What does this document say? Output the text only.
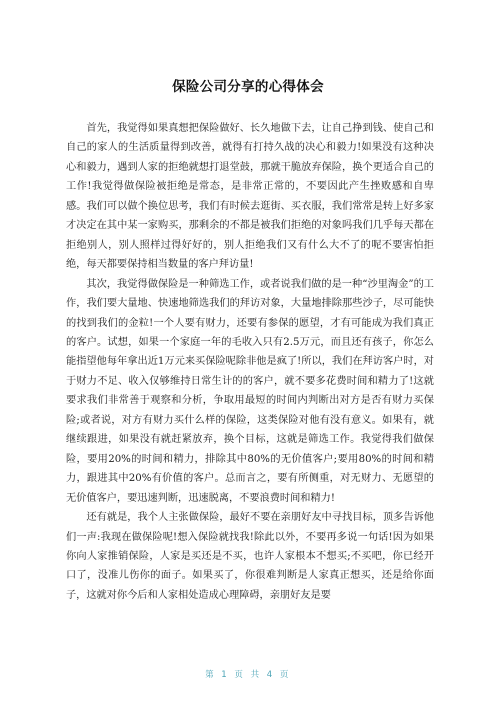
保险公司分享的心得体会

首先，我觉得如果真想把保险做好、长久地做下去，让自己挣到钱、使自己和自己的家人的生活质量得到改善，就得有打持久战的决心和毅力!如果没有这种决心和毅力，遇到人家的拒绝就想打退堂鼓，那就干脆放弃保险，换个更适合自己的工作!我觉得做保险被拒绝是常态，是非常正常的，不要因此产生挫败感和自卑感。我们可以做个换位思考，我们有时候去逛街、买衣服，我们常常是转上好多家才决定在其中某一家购买，那剩余的不都是被我们拒绝的对象吗我们几乎每天都在拒绝别人，别人照样过得好好的，别人拒绝我们又有什么大不了的呢不要害怕拒绝，每天都要保持相当数量的客户拜访量!

其次，我觉得做保险是一种筛选工作，或者说我们做的是一种“沙里淘金”的工作，我们要大量地、快速地筛选我们的拜访对象，大量地排除那些沙子，尽可能快的找到我们的金粒!一个人要有财力，还要有参保的愿望，才有可能成为我们真正的客户。试想，如果一个家庭一年的毛收入只有2.5万元，而且还有孩子，你怎么能指望他每年拿出近1万元来买保险呢除非他是疯了!所以，我们在拜访客户时，对于财力不足、收入仅够维持日常生计的的客户，就不要多花费时间和精力了!这就要求我们非常善于观察和分析，争取用最短的时间内判断出对方是否有财力买保险;或者说，对方有财力买什么样的保险，这类保险对他有没有意义。如果有，就继续跟进，如果没有就赶紧放弃，换个目标，这就是筛选工作。我觉得我们做保险，要用20%的时间和精力，排除其中80%的无价值客户;要用80%的时间和精力，跟进其中20%有价值的客户。总而言之，要有所侧重，对无财力、无愿望的无价值客户，要迅速判断，迅速脱离，不要浪费时间和精力!

还有就是，我个人主张做保险，最好不要在亲朋好友中寻找目标，顶多告诉他们一声:我现在做保险呢!想入保险就找我!除此以外，不要再多说一句话!因为如果你向人家推销保险，人家是买还是不买，也许人家根本不想买;不买吧，你已经开口了，没准儿伤你的面子。如果买了，你很难判断是人家真正想买，还是给你面子，这就对你今后和人家相处造成心理障碍，亲朋好友是要

第 1 页 共 4 页
